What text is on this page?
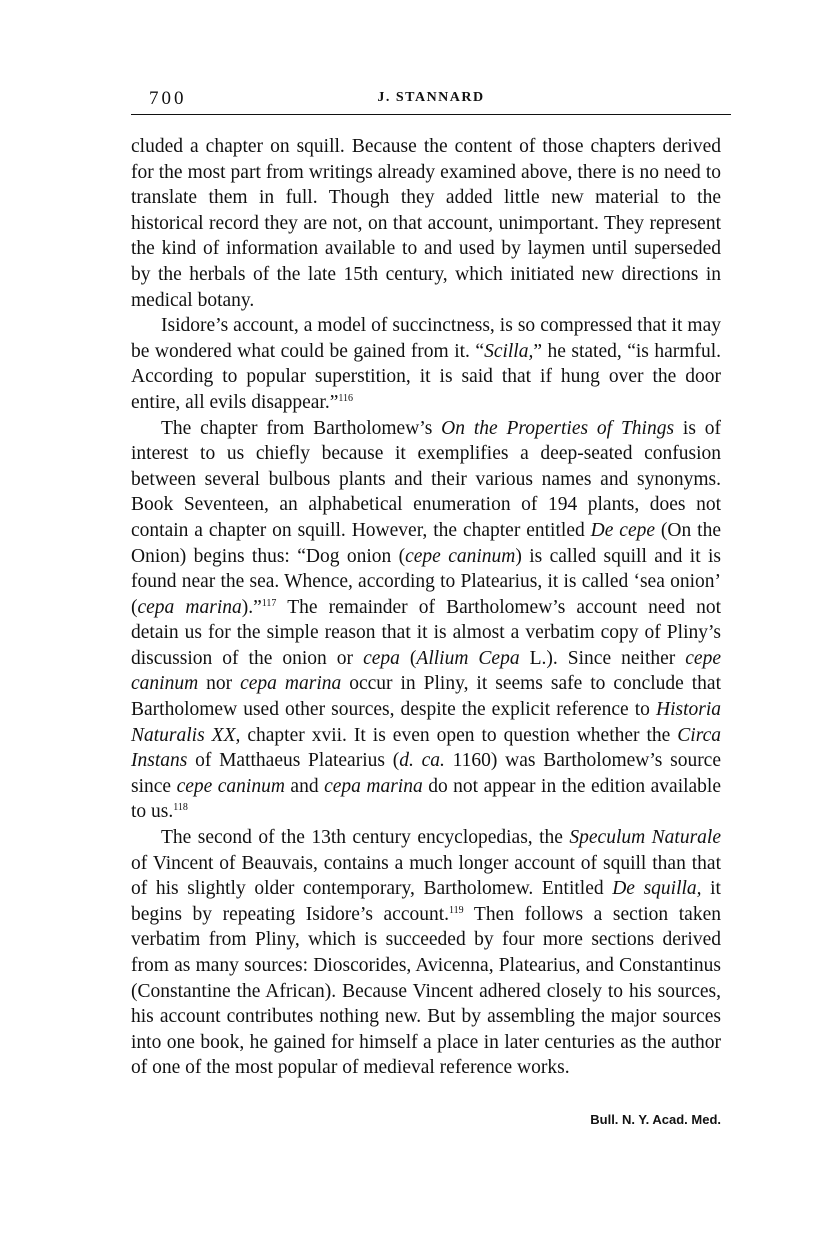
700	J. STANNARD

cluded a chapter on squill. Because the content of those chapters derived for the most part from writings already examined above, there is no need to translate them in full. Though they added little new material to the historical record they are not, on that account, unimportant. They represent the kind of information available to and used by laymen until superseded by the herbals of the late 15th century, which initiated new directions in medical botany.

Isidore’s account, a model of succinctness, is so compressed that it may be wondered what could be gained from it. “Scilla,” he stated, “is harmful. According to popular superstition, it is said that if hung over the door entire, all evils disappear.”$^{116}$

The chapter from Bartholomew’s On the Properties of Things is of interest to us chiefly because it exemplifies a deep-seated confusion between several bulbous plants and their various names and synonyms. Book Seventeen, an alphabetical enumeration of 194 plants, does not contain a chapter on squill. However, the chapter entitled De cepe (On the Onion) begins thus: “Dog onion (cepe caninum) is called squill and it is found near the sea. Whence, according to Platearius, it is called ‘sea onion’ (cepa marina).”$^{117}$ The remainder of Bartholomew’s account need not detain us for the simple reason that it is almost a verbatim copy of Pliny’s discussion of the onion or cepa (Allium Cepa L.). Since neither cepe caninum nor cepa marina occur in Pliny, it seems safe to conclude that Bartholomew used other sources, despite the explicit reference to Historia Naturalis XX, chapter xvii. It is even open to question whether the Circa Instans of Matthaeus Platearius (d. ca. 1160) was Bartholomew’s source since cepe caninum and cepa marina do not appear in the edition available to us.$^{118}$

The second of the 13th century encyclopedias, the Speculum Naturale of Vincent of Beauvais, contains a much longer account of squill than that of his slightly older contemporary, Bartholomew. Entitled De squilla, it begins by repeating Isidore’s account.$^{119}$ Then follows a section taken verbatim from Pliny, which is succeeded by four more sections derived from as many sources: Dioscorides, Avicenna, Platearius, and Constantinus (Constantine the African). Because Vincent adhered closely to his sources, his account contributes nothing new. But by assembling the major sources into one book, he gained for himself a place in later centuries as the author of one of the most popular of medieval reference works.

Bull. N. Y. Acad. Med.
